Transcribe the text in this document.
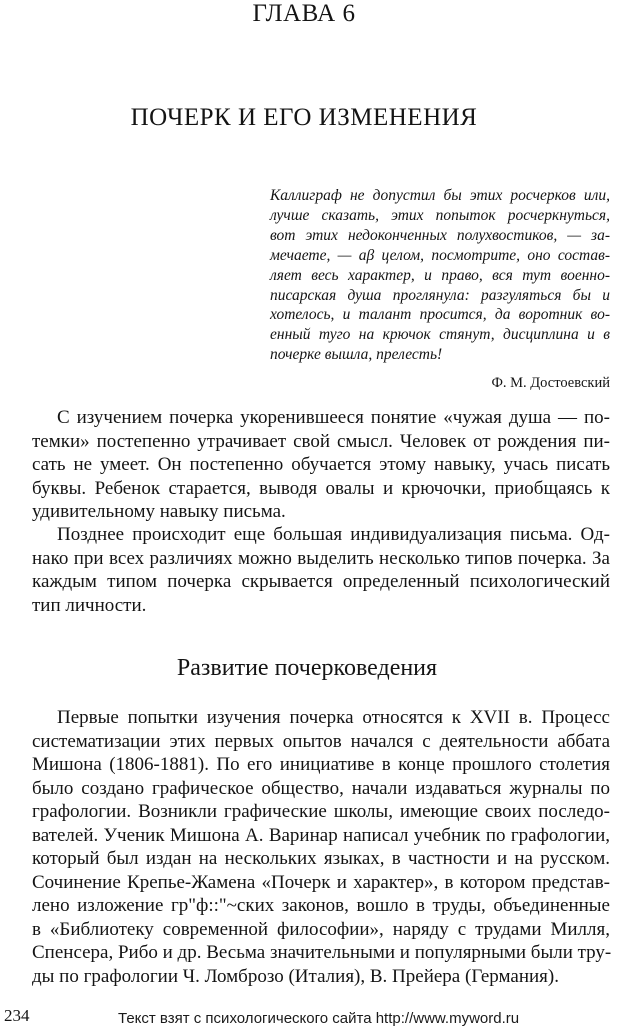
ГЛАВА 6
ПОЧЕРК И ЕГО ИЗМЕНЕНИЯ
Каллиграф не допустил бы этих росчерков или,
лучше сказать, этих попыток росчеркнуться,
вот этих недоконченных полухвостиков, — за-
мечаете, — аβ целом, посмотрите, оно состав-
ляет весь характер, и право, вся тут военно-
писарская душа проглянула: разгуляться бы и
хотелось, и талант просится, да воротник во-
енный туго на крючок стянут, дисциплина и в
почерке вышла, прелесть!
Ф. М. Достоевский
С изучением почерка укоренившееся понятие «чужая душа — по-
темки» постепенно утрачивает свой смысл. Человек от рождения пи-
сать не умеет. Он постепенно обучается этому навыку, учась писать
буквы. Ребенок старается, выводя овалы и крючочки, приобщаясь к
удивительному навыку письма.
Позднее происходит еще большая индивидуализация письма. Од-
нако при всех различиях можно выделить несколько типов почерка. За
каждым типом почерка скрывается определенный психологический
тип личности.
Развитие почерковедения
Первые попытки изучения почерка относятся к XVII в. Процесс
систематизации этих первых опытов начался с деятельности аббата
Мишона (1806-1881). По его инициативе в конце прошлого столетия
было создано графическое общество, начали издаваться журналы по
графологии. Возникли графические школы, имеющие своих последо-
вателей. Ученик Мишона А. Варинар написал учебник по графологии,
который был издан на нескольких языках, в частности и на русском.
Сочинение Крепье-Жамена «Почерк и характер», в котором представ-
лено изложение гр"ф::"~ских законов, вошло в труды, объединенные
в «Библиотеку современной философии», наряду с трудами Милля,
Спенсера, Рибо и др. Весьма значительными и популярными были тру-
ды по графологии Ч. Ломброзо (Италия), В. Прейера (Германия).
234	Текст взят с психологического сайта http://www.myword.ru
